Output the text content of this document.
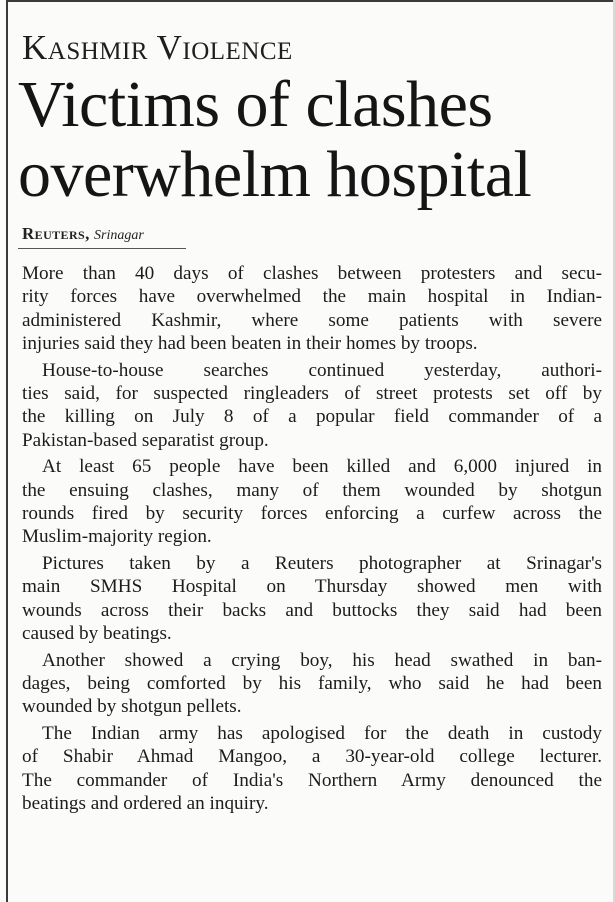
Kashmir Violence
Victims of clashes
overwhelm hospital
Reuters, Srinagar

More than 40 days of clashes between protesters and secu-
rity forces have overwhelmed the main hospital in Indian-
administered Kashmir, where some patients with severe
injuries said they had been beaten in their homes by troops.

House-to-house searches continued yesterday, authori-
ties said, for suspected ringleaders of street protests set off by
the killing on July 8 of a popular field commander of a
Pakistan-based separatist group.

At least 65 people have been killed and 6,000 injured in
the ensuing clashes, many of them wounded by shotgun
rounds fired by security forces enforcing a curfew across the
Muslim-majority region.

Pictures taken by a Reuters photographer at Srinagar's
main SMHS Hospital on Thursday showed men with
wounds across their backs and buttocks they said had been
caused by beatings.

Another showed a crying boy, his head swathed in ban-
dages, being comforted by his family, who said he had been
wounded by shotgun pellets.

The Indian army has apologised for the death in custody
of Shabir Ahmad Mangoo, a 30-year-old college lecturer.
The commander of India's Northern Army denounced the
beatings and ordered an inquiry.
